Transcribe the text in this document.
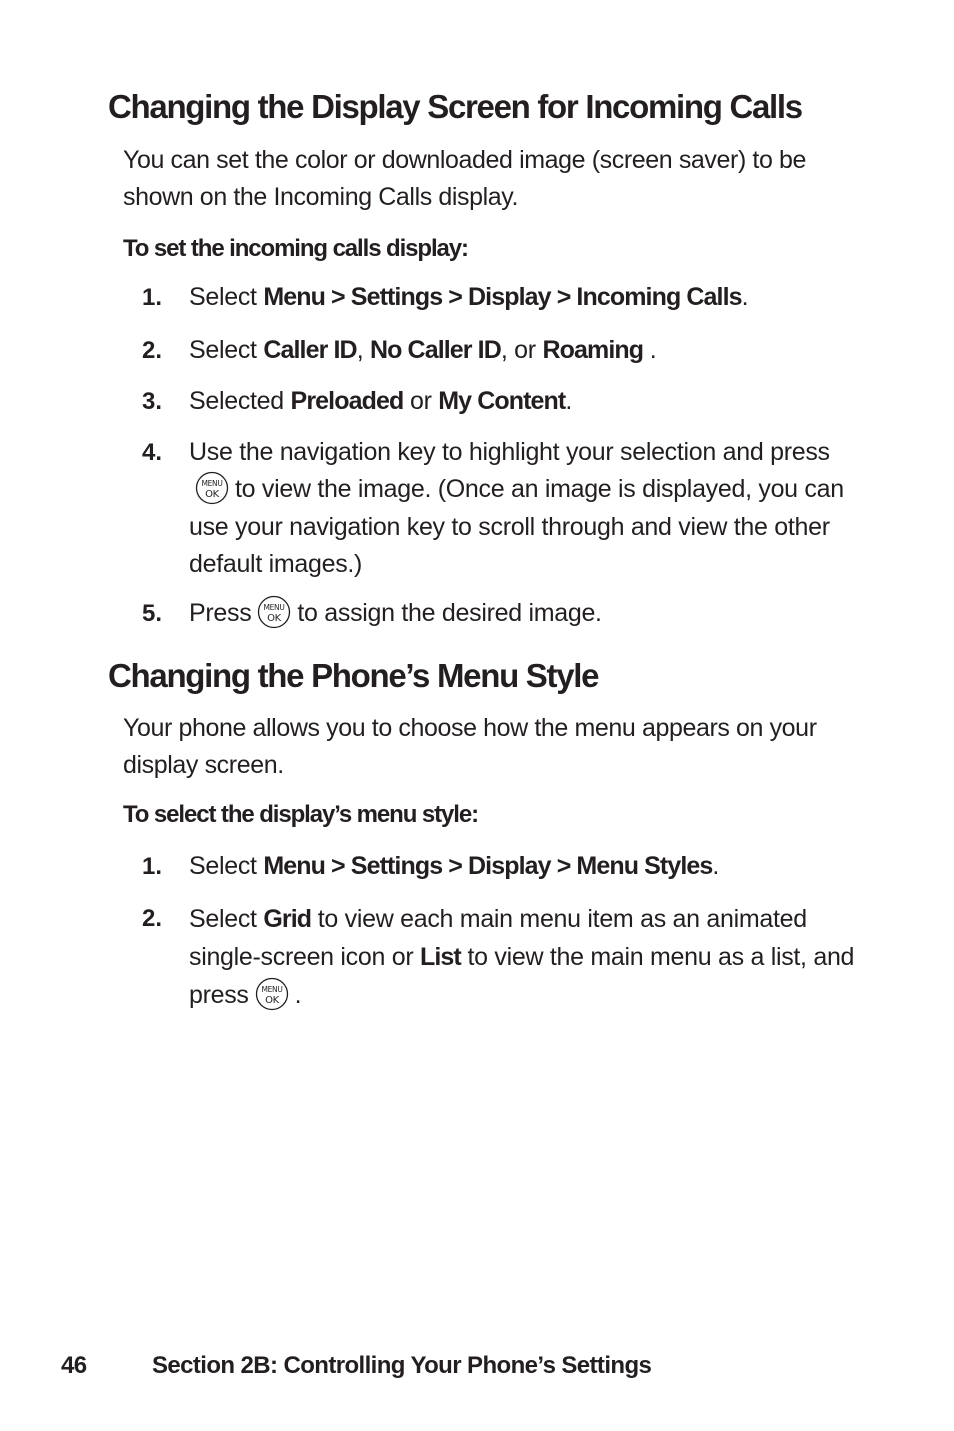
Changing the Display Screen for Incoming Calls

You can set the color or downloaded image (screen saver) to be shown on the Incoming Calls display.

To set the incoming calls display:

1. Select Menu > Settings > Display > Incoming Calls.
2. Select Caller ID, No Caller ID, or Roaming .
3. Selected Preloaded or My Content.
4. Use the navigation key to highlight your selection and press
MENU
OK to view the image. (Once an image is displayed, you can use your navigation key to scroll through and view the other default images.)
5. Press MENU
OK to assign the desired image.
Changing the Phone’s Menu Style

Your phone allows you to choose how the menu appears on your display screen.

To select the display’s menu style:

1. Select Menu > Settings > Display > Menu Styles.
2. Select Grid to view each main menu item as an animated single-screen icon or List to view the main menu as a list, and press MENU
OK .
46	Section 2B: Controlling Your Phone’s Settings
